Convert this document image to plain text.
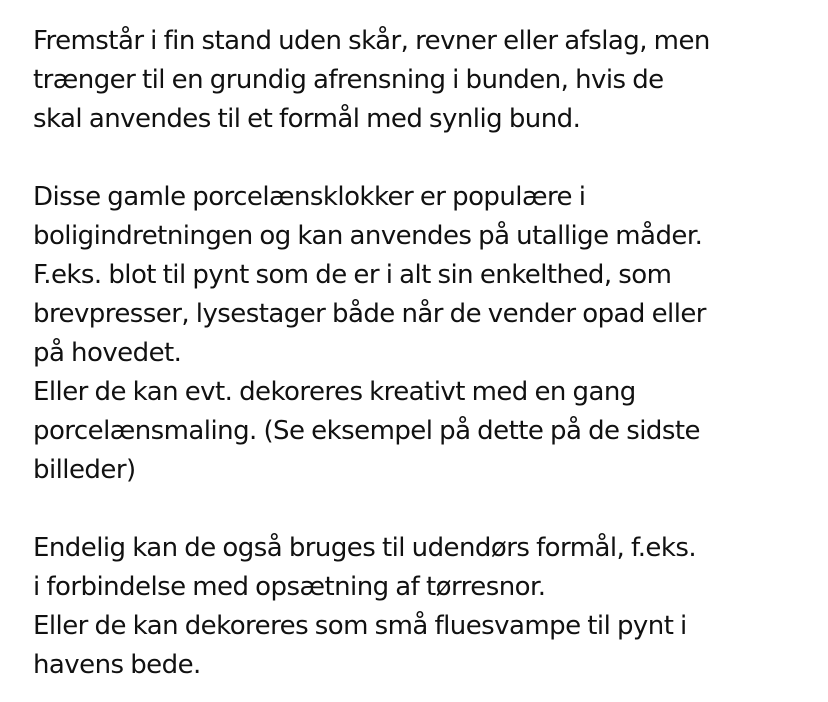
Fremstår i fin stand uden skår, revner eller afslag, men
trænger til en grundig afrensning i bunden, hvis de
skal anvendes til et formål med synlig bund.
Disse gamle porcelænsklokker er populære i
boligindretningen og kan anvendes på utallige måder.
F.eks. blot til pynt som de er i alt sin enkelthed, som
brevpresser, lysestager både når de vender opad eller
på hovedet.
Eller de kan evt. dekoreres kreativt med en gang
porcelænsmaling. (Se eksempel på dette på de sidste
billeder)
Endelig kan de også bruges til udendørs formål, f.eks.
i forbindelse med opsætning af tørresnor.
Eller de kan dekoreres som små fluesvampe til pynt i
havens bede.
